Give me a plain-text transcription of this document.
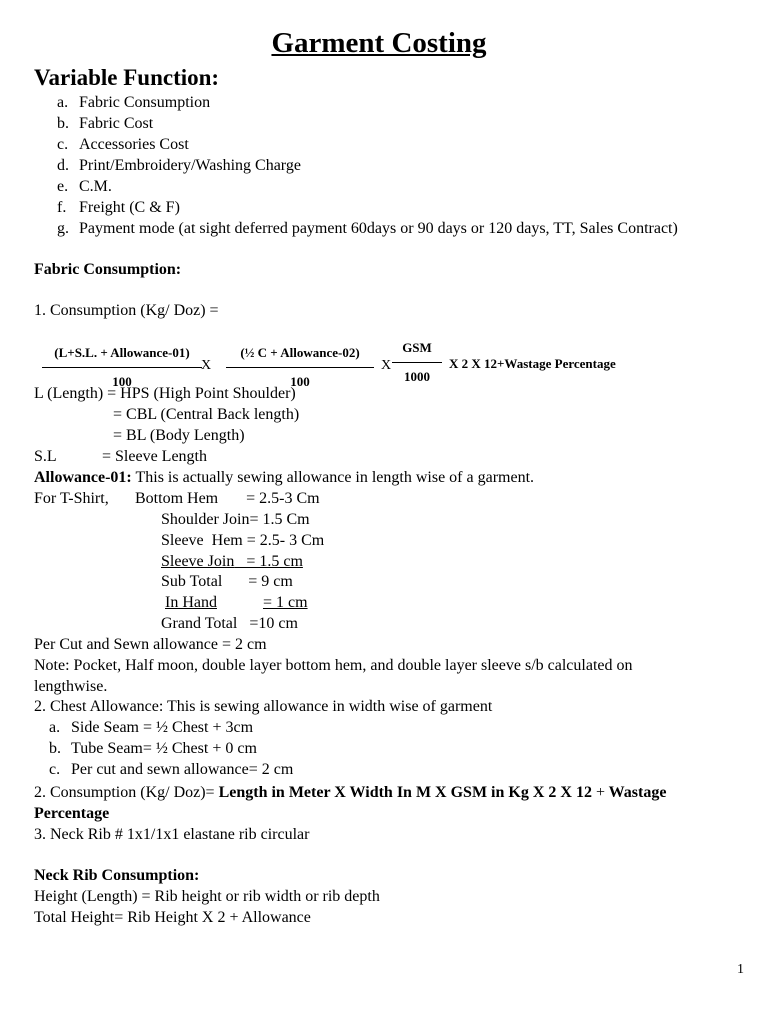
Garment Costing
Variable Function:
a. Fabric Consumption
b. Fabric Cost
c. Accessories Cost
d. Print/Embroidery/Washing Charge
e. C.M.
f. Freight (C & F)
g. Payment mode (at sight deferred payment 60days or 90 days or 120 days, TT, Sales Contract)
Fabric Consumption:
1. Consumption (Kg/ Doz) =
(L+S.L. + Allowance-01)
100
X
(½ C + Allowance-02)
100
X
GSM
1000
X 2 X 12+Wastage Percentage
L (Length) = HPS (High Point Shoulder)
= CBL (Central Back length)
= BL (Body Length)
S.L	= Sleeve Length
Allowance-01: This is actually sewing allowance in length wise of a garment.
For T-Shirt, Bottom Hem = 2.5-3 Cm
Shoulder Join= 1.5 Cm
Sleeve  Hem = 2.5- 3 Cm
Sleeve Join   = 1.5 cm
Sub Total = 9 cm
In Hand	= 1 cm
Grand Total =10 cm
Per Cut and Sewn allowance = 2 cm
Note: Pocket, Half moon, double layer bottom hem, and double layer sleeve s/b calculated on
lengthwise.
2. Chest Allowance: This is sewing allowance in width wise of garment
a. Side Seam = ½ Chest + 3cm
b. Tube Seam= ½ Chest + 0 cm
c. Per cut and sewn allowance= 2 cm
2. Consumption (Kg/ Doz)= Length in Meter X Width In M X GSM in Kg X 2 X 12 + Wastage
Percentage
3. Neck Rib # 1x1/1x1 elastane rib circular
Neck Rib Consumption:
Height (Length) = Rib height or rib width or rib depth
Total Height= Rib Height X 2 + Allowance
1
